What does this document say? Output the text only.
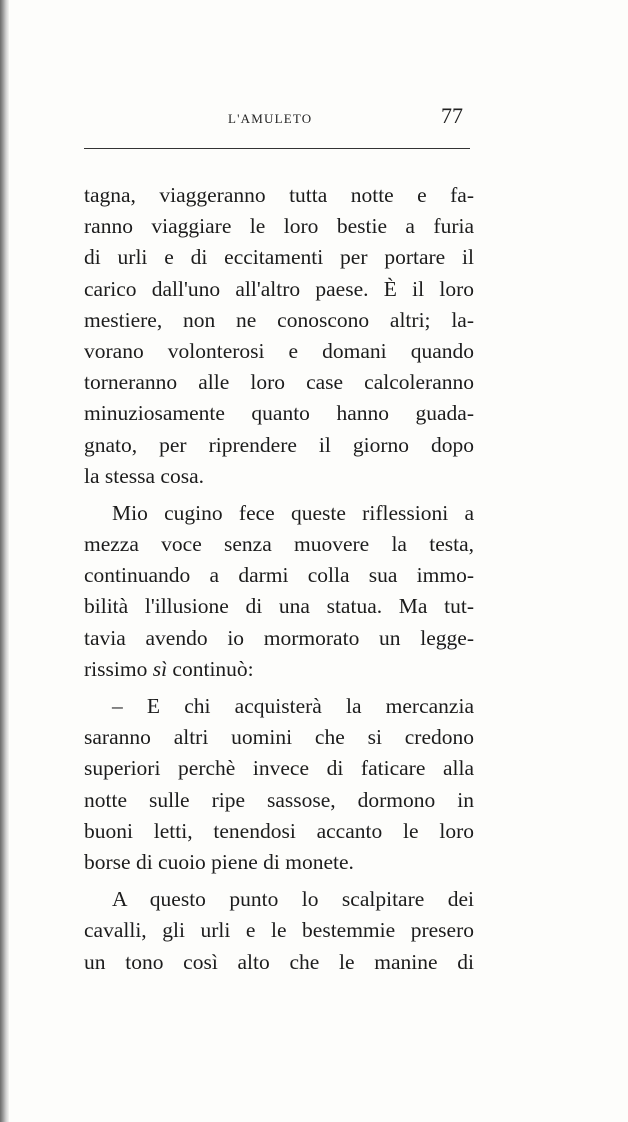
L'AMULETO	77
tagna, viaggeranno tutta notte e fa-
ranno viaggiare le loro bestie a furia
di urli e di eccitamenti per portare il
carico dall'uno all'altro paese. È il loro
mestiere, non ne conoscono altri; la-
vorano volonterosi e domani quando
torneranno alle loro case calcoleranno
minuziosamente quanto hanno guada-
gnato, per riprendere il giorno dopo
la stessa cosa.
Mio cugino fece queste riflessioni a
mezza voce senza muovere la testa,
continuando a darmi colla sua immo-
bilità l'illusione di una statua. Ma tut-
tavia avendo io mormorato un legge-
rissimo sì continuò:
– E chi acquisterà la mercanzia
saranno altri uomini che si credono
superiori perchè invece di faticare alla
notte sulle ripe sassose, dormono in
buoni letti, tenendosi accanto le loro
borse di cuoio piene di monete.
A questo punto lo scalpitare dei
cavalli, gli urli e le bestemmie presero
un tono così alto che le manine di
